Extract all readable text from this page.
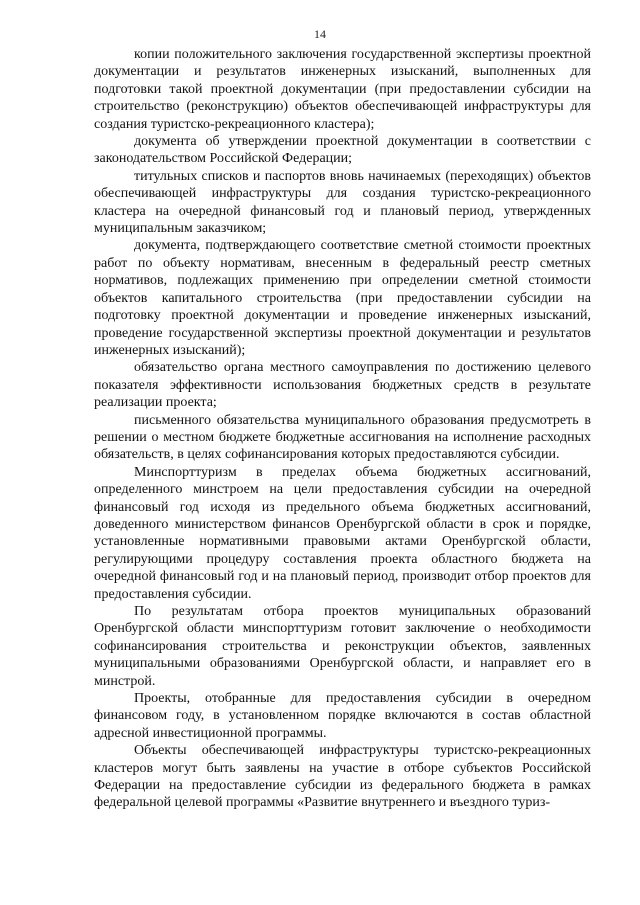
14

копии положительного заключения государственной экспертизы проектной документации и результатов инженерных изысканий, выполненных для подготовки такой проектной документации (при предоставлении субсидии на строительство (реконструкцию) объектов обеспечивающей инфраструктуры для создания туристско-рекреационного кластера);

документа об утверждении проектной документации в соответствии с законодательством Российской Федерации;

титульных списков и паспортов вновь начинаемых (переходящих) объектов обеспечивающей инфраструктуры для создания туристско-рекреационного кластера на очередной финансовый год и плановый период, утвержденных муниципальным заказчиком;

документа, подтверждающего соответствие сметной стоимости проектных работ по объекту нормативам, внесенным в федеральный реестр сметных нормативов, подлежащих применению при определении сметной стоимости объектов капитального строительства (при предоставлении субсидии на подготовку проектной документации и проведение инженерных изысканий, проведение государственной экспертизы проектной документации и результатов инженерных изысканий);

обязательство органа местного самоуправления по достижению целевого показателя эффективности использования бюджетных средств в результате реализации проекта;

письменного обязательства муниципального образования предусмотреть в решении о местном бюджете бюджетные ассигнования на исполнение расходных обязательств, в целях софинансирования которых предоставляются субсидии.

Минспорттуризм в пределах объема бюджетных ассигнований, определенного минстроем на цели предоставления субсидии на очередной финансовый год исходя из предельного объема бюджетных ассигнований, доведенного министерством финансов Оренбургской области в срок и порядке, установленные нормативными правовыми актами Оренбургской области, регулирующими процедуру составления проекта областного бюджета на очередной финансовый год и на плановый период, производит отбор проектов для предоставления субсидии.

По результатам отбора проектов муниципальных образований Оренбургской области минспорттуризм готовит заключение о необходимости софинансирования строительства и реконструкции объектов, заявленных муниципальными образованиями Оренбургской области, и направляет его в минстрой.

Проекты, отобранные для предоставления субсидии в очередном финансовом году, в установленном порядке включаются в состав областной адресной инвестиционной программы.

Объекты обеспечивающей инфраструктуры туристско-рекреационных кластеров могут быть заявлены на участие в отборе субъектов Российской Федерации на предоставление субсидии из федерального бюджета в рамках федеральной целевой программы «Развитие внутреннего и въездного туриз-
